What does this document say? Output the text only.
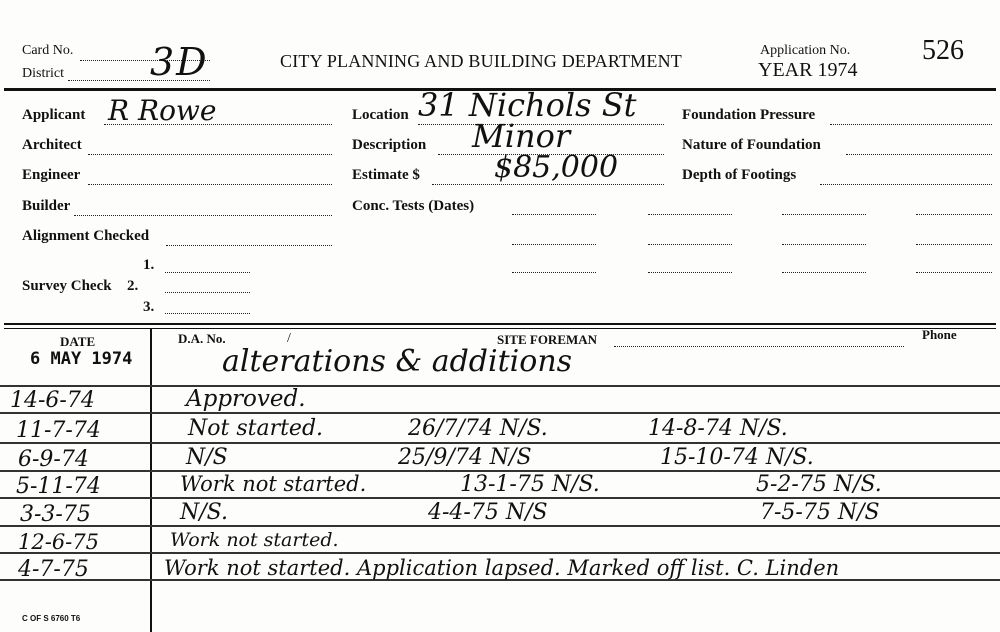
Card No.
District 3D	CITY PLANNING AND BUILDING DEPARTMENT
Application No.
YEAR 1974
526
Applicant R Rowe
Architect
Engineer
Builder
Alignment Checked
1.
Survey Check 2.
3.
Location 31 Nichols St
Description Minor
Estimate $ $85,000
Conc. Tests (Dates)
Foundation Pressure
Nature of Foundation
Depth of Footings
DATE	D.A. No.	/	SITE FOREMAN	Phone
6 MAY 1974	alterations & additions
14-6-74	Approved.
11-7-74	Not started.	26/7/74 N/S.	14-8-74 N/S.
6-9-74	N/S	25/9/74 N/S	15-10-74 N/S.
5-11-74	Work not started.	13-1-75 N/S.	5-2-75 N/S.
3-3-75	N/S.	4-4-75 N/S	7-5-75 N/S
12-6-75	Work not started.
4-7-75	Work not started. Application lapsed. Marked off list. C. Linden
C OF S 6760 T6
